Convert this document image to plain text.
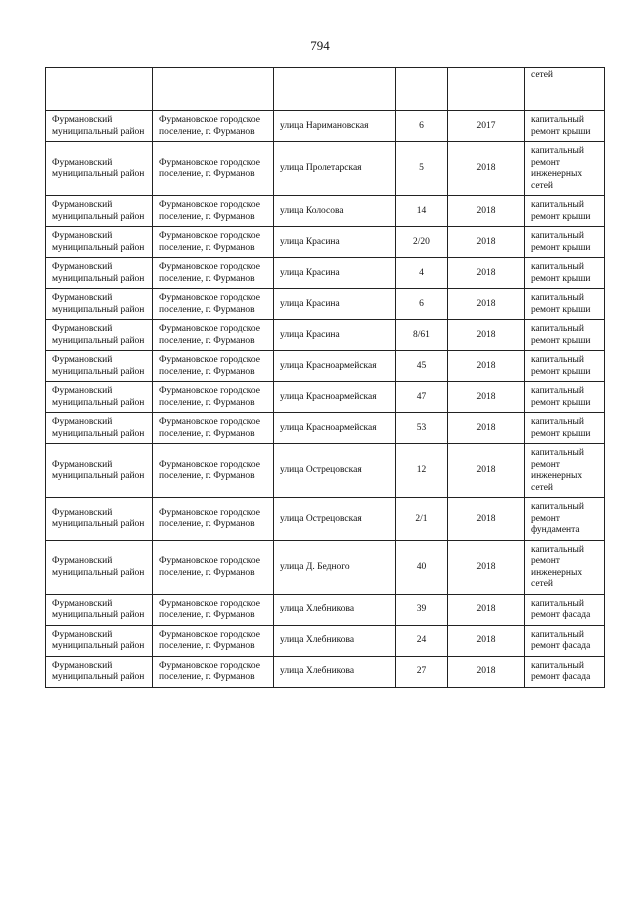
794
					сетей
Фурмановский муниципальный район	Фурмановское городское поселение, г. Фурманов	улица Наримановская	6	2017	капитальный ремонт крыши
Фурмановский муниципальный район	Фурмановское городское поселение, г. Фурманов	улица Пролетарская	5	2018	капитальный ремонт инженерных сетей
Фурмановский муниципальный район	Фурмановское городское поселение, г. Фурманов	улица Колосова	14	2018	капитальный ремонт крыши
Фурмановский муниципальный район	Фурмановское городское поселение, г. Фурманов	улица Красина	2/20	2018	капитальный ремонт крыши
Фурмановский муниципальный район	Фурмановское городское поселение, г. Фурманов	улица Красина	4	2018	капитальный ремонт крыши
Фурмановский муниципальный район	Фурмановское городское поселение, г. Фурманов	улица Красина	6	2018	капитальный ремонт крыши
Фурмановский муниципальный район	Фурмановское городское поселение, г. Фурманов	улица Красина	8/61	2018	капитальный ремонт крыши
Фурмановский муниципальный район	Фурмановское городское поселение, г. Фурманов	улица Красноармейская	45	2018	капитальный ремонт крыши
Фурмановский муниципальный район	Фурмановское городское поселение, г. Фурманов	улица Красноармейская	47	2018	капитальный ремонт крыши
Фурмановский муниципальный район	Фурмановское городское поселение, г. Фурманов	улица Красноармейская	53	2018	капитальный ремонт крыши
Фурмановский муниципальный район	Фурмановское городское поселение, г. Фурманов	улица Острецовская	12	2018	капитальный ремонт инженерных сетей
Фурмановский муниципальный район	Фурмановское городское поселение, г. Фурманов	улица Острецовская	2/1	2018	капитальный ремонт фундамента
Фурмановский муниципальный район	Фурмановское городское поселение, г. Фурманов	улица Д. Бедного	40	2018	капитальный ремонт инженерных сетей
Фурмановский муниципальный район	Фурмановское городское поселение, г. Фурманов	улица Хлебникова	39	2018	капитальный ремонт фасада
Фурмановский муниципальный район	Фурмановское городское поселение, г. Фурманов	улица Хлебникова	24	2018	капитальный ремонт фасада
Фурмановский муниципальный район	Фурмановское городское поселение, г. Фурманов	улица Хлебникова	27	2018	капитальный ремонт фасада
